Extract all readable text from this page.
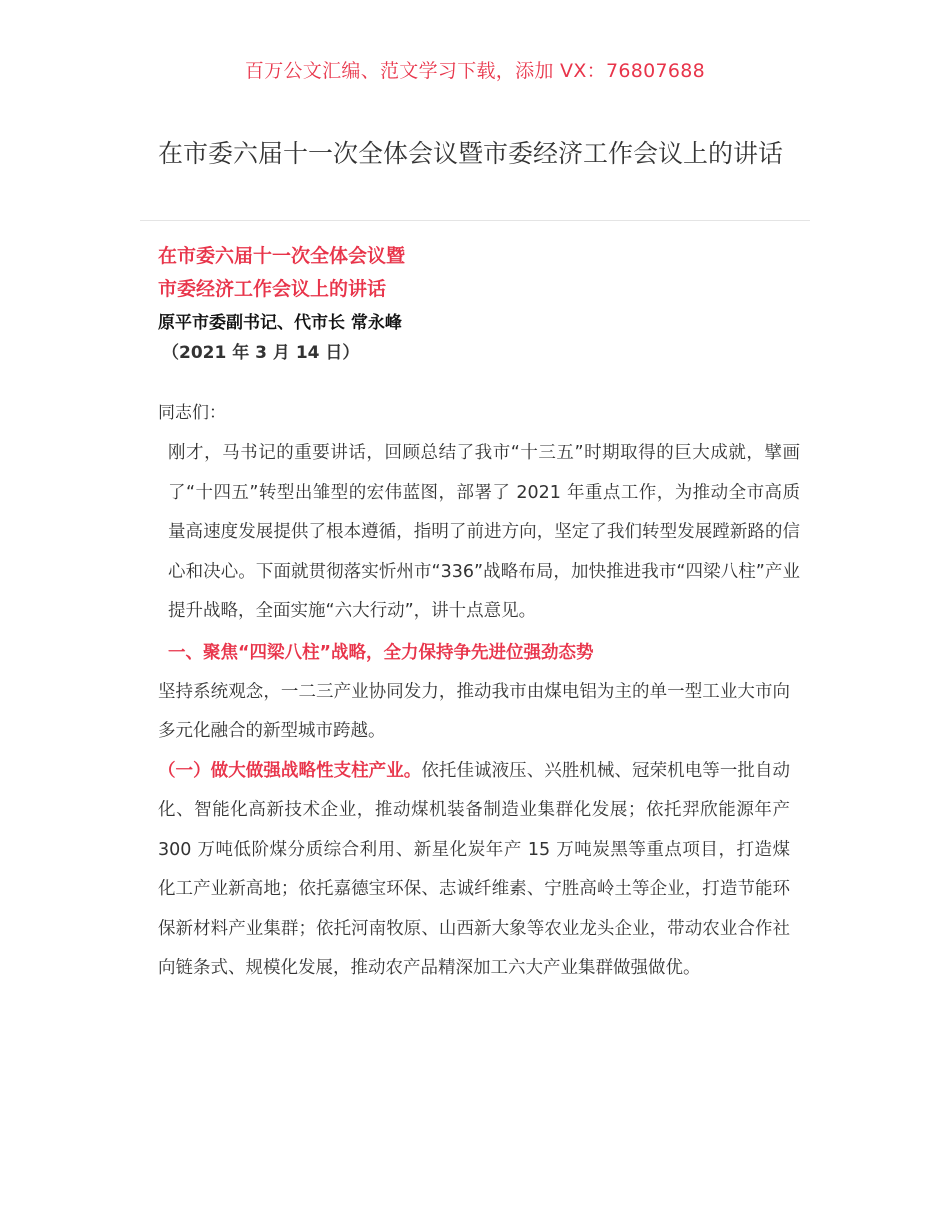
百万公文汇编、范文学习下载，添加 VX：76807688
在市委六届十一次全体会议暨市委经济工作会议上的讲话
在市委六届十一次全体会议暨
市委经济工作会议上的讲话
原平市委副书记、代市长 常永峰
（2021 年 3 月 14 日）
同志们：

刚才，马书记的重要讲话，回顾总结了我市“十三五”时期取得的巨大成就，擘画了“十四五”转型出雏型的宏伟蓝图，部署了 2021 年重点工作，为推动全市高质量高速度发展提供了根本遵循，指明了前进方向，坚定了我们转型发展蹚新路的信心和决心。下面就贯彻落实忻州市“336”战略布局，加快推进我市“四梁八柱”产业提升战略，全面实施“六大行动”，讲十点意见。

一、聚焦“四梁八柱”战略，全力保持争先进位强劲态势

坚持系统观念，一二三产业协同发力，推动我市由煤电铝为主的单一型工业大市向多元化融合的新型城市跨越。

（一）做大做强战略性支柱产业。依托佳诚液压、兴胜机械、冠荣机电等一批自动化、智能化高新技术企业，推动煤机装备制造业集群化发展；依托羿欣能源年产 300 万吨低阶煤分质综合利用、新星化炭年产 15 万吨炭黑等重点项目，打造煤化工产业新高地；依托嘉德宝环保、志诚纤维素、宁胜高岭土等企业，打造节能环保新材料产业集群；依托河南牧原、山西新大象等农业龙头企业，带动农业合作社向链条式、规模化发展，推动农产品精深加工六大产业集群做强做优。
